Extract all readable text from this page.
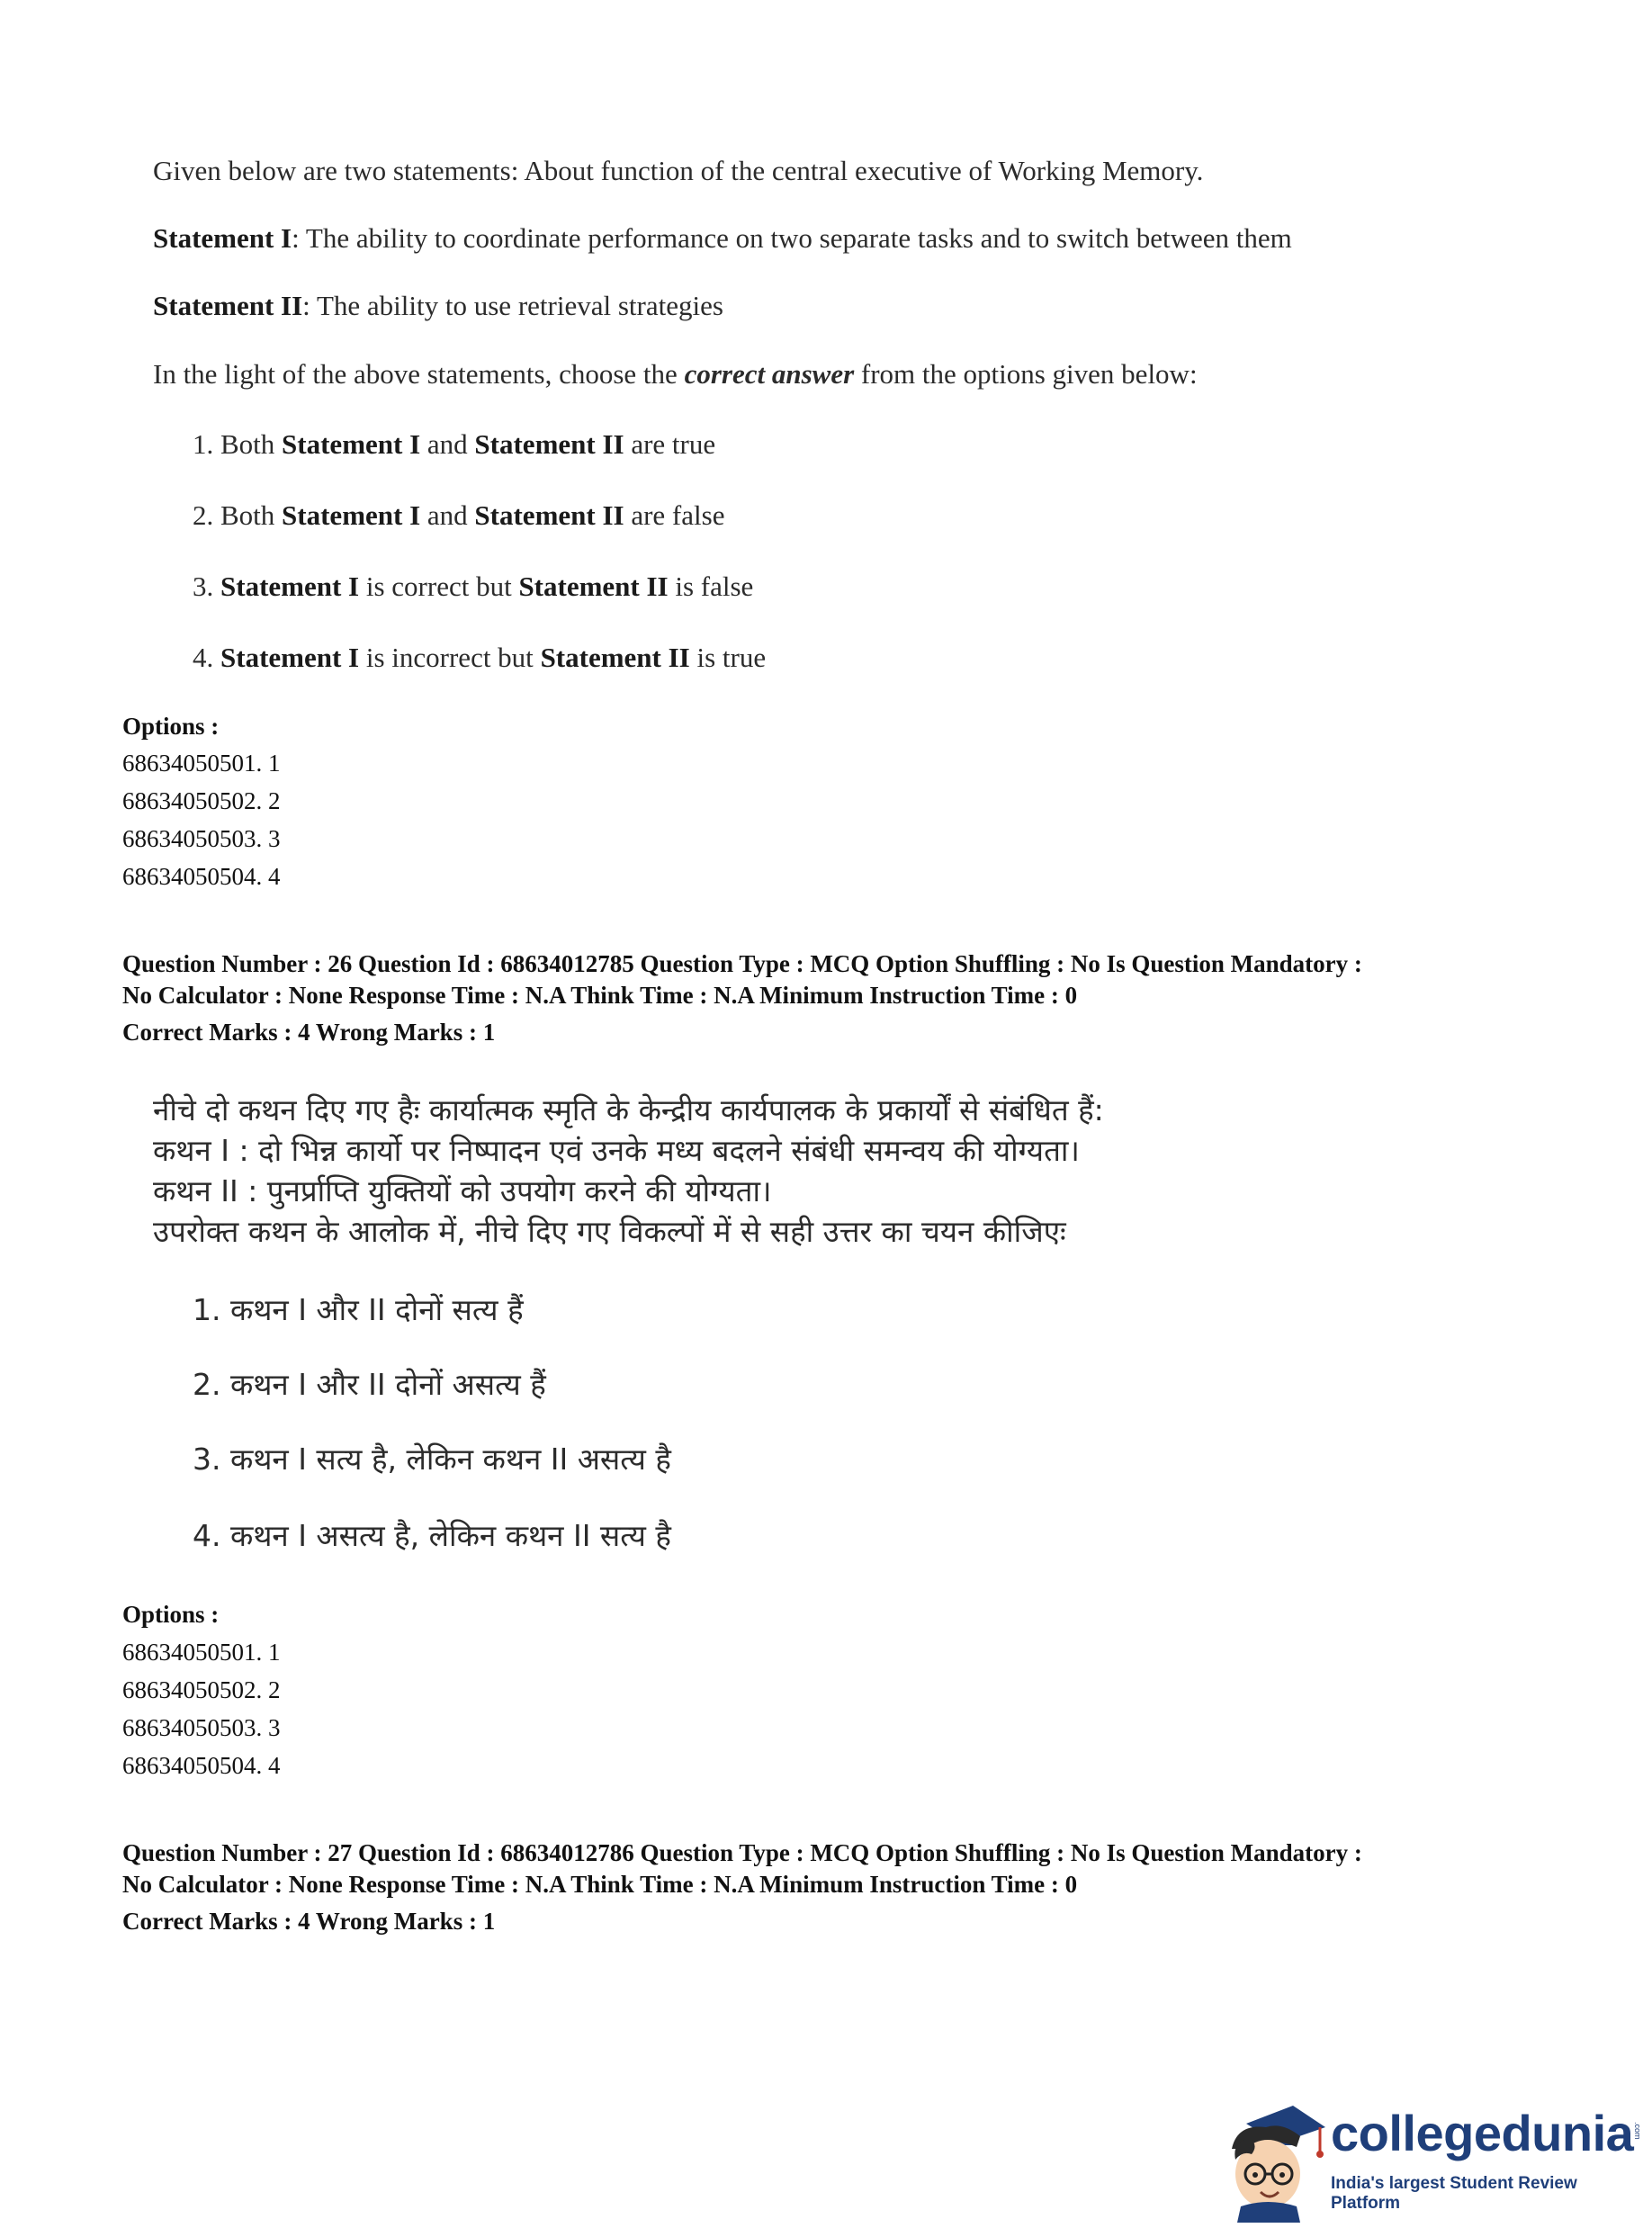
Given below are two statements: About function of the central executive of Working Memory.
Statement I: The ability to coordinate performance on two separate tasks and to switch between them
Statement II: The ability to use retrieval strategies
In the light of the above statements, choose the correct answer from the options given below:
1. Both Statement I and Statement II are true
2. Both Statement I and Statement II are false
3. Statement I is correct but Statement II is false
4. Statement I is incorrect but Statement II is true
Options :
68634050501. 1
68634050502. 2
68634050503. 3
68634050504. 4
Question Number : 26 Question Id : 68634012785 Question Type : MCQ Option Shuffling : No Is Question Mandatory :
No Calculator : None Response Time : N.A Think Time : N.A Minimum Instruction Time : 0
Correct Marks : 4 Wrong Marks : 1
नीचे दो कथन दिए गए हैः कार्यात्मक स्मृति के केन्द्रीय कार्यपालक के प्रकार्यों से संबंधित हैं:
कथन I : दो भिन्न कार्यो पर निष्पादन एवं उनके मध्य बदलने संबंधी समन्वय की योग्यता।
कथन II : पुनर्प्राप्ति युक्तियों को उपयोग करने की योग्यता।
उपरोक्त कथन के आलोक में, नीचे दिए गए विकल्पों में से सही उत्तर का चयन कीजिएः
1. कथन I और II दोनों सत्य हैं
2. कथन I और II दोनों असत्य हैं
3. कथन I सत्य है, लेकिन कथन II असत्य है
4. कथन I असत्य है, लेकिन कथन II सत्य है
Options :
68634050501. 1
68634050502. 2
68634050503. 3
68634050504. 4
Question Number : 27 Question Id : 68634012786 Question Type : MCQ Option Shuffling : No Is Question Mandatory :
No Calculator : None Response Time : N.A Think Time : N.A Minimum Instruction Time : 0
Correct Marks : 4 Wrong Marks : 1
collegedunia
India's largest Student Review Platform
.com
